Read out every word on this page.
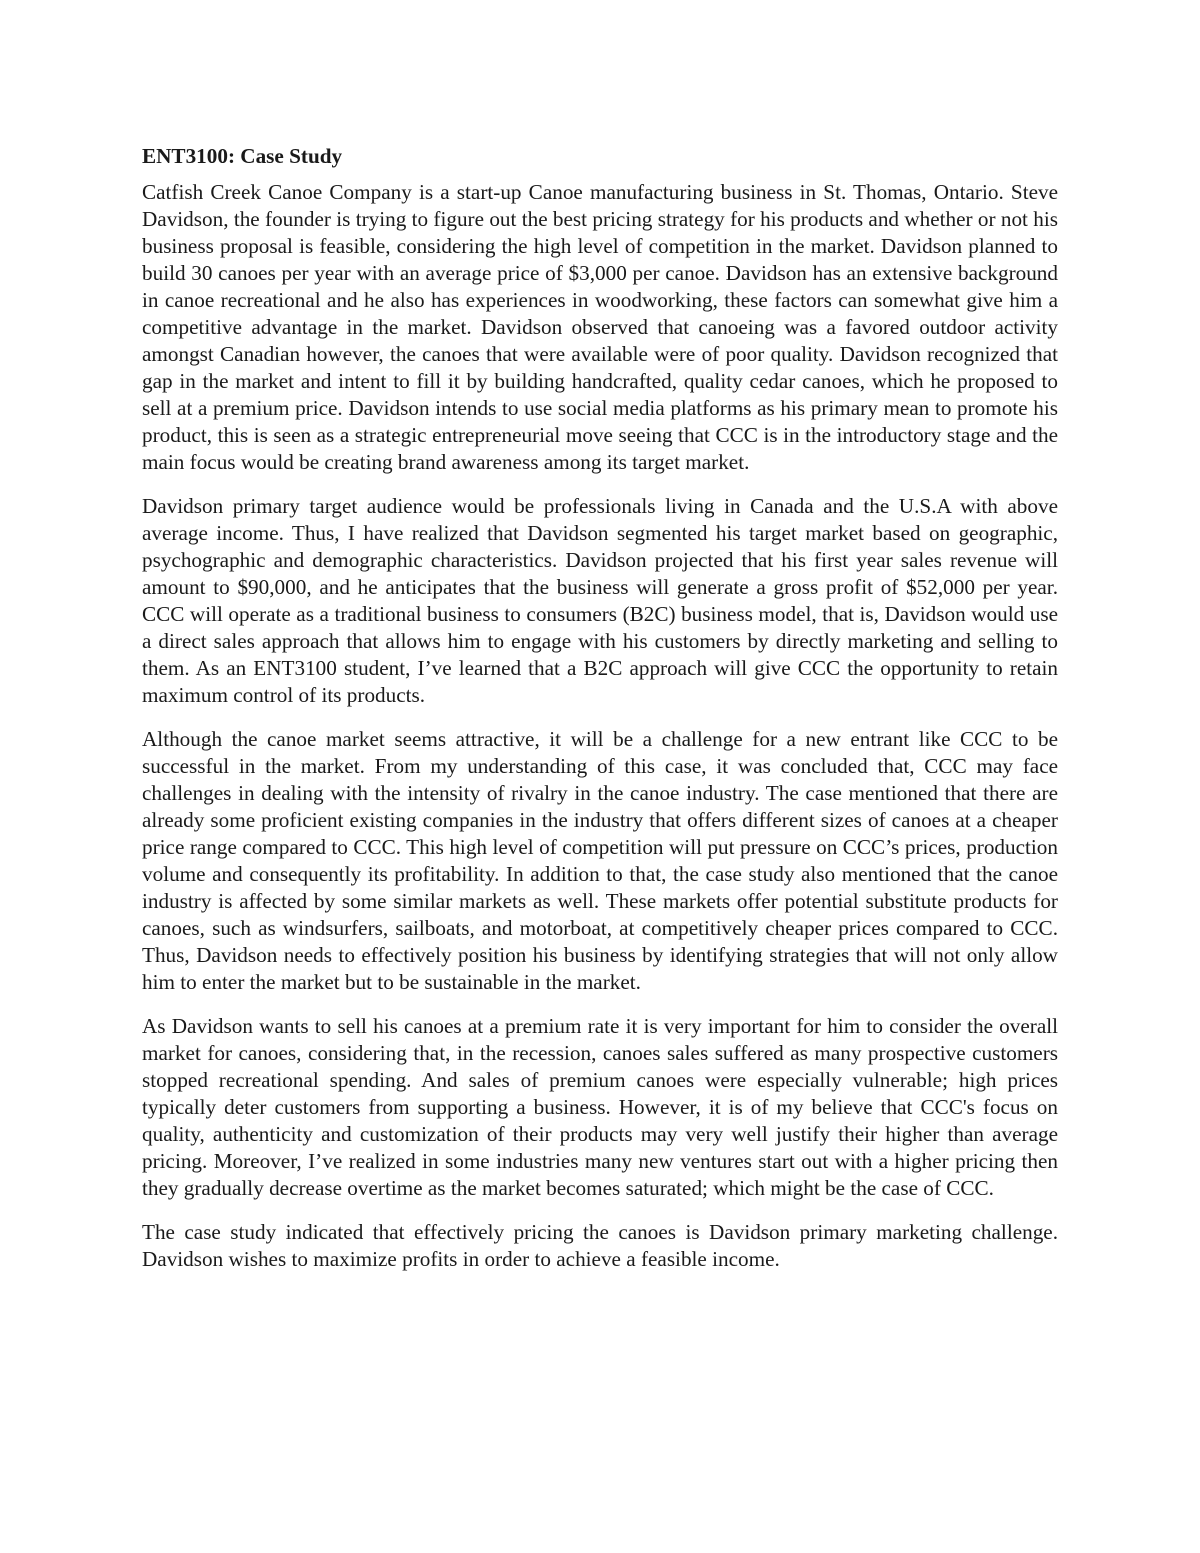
ENT3100: Case Study

Catfish Creek Canoe Company is a start-up Canoe manufacturing business in St. Thomas, Ontario. Steve Davidson, the founder is trying to figure out the best pricing strategy for his products and whether or not his business proposal is feasible, considering the high level of competition in the market. Davidson planned to build 30 canoes per year with an average price of $3,000 per canoe. Davidson has an extensive background in canoe recreational and he also has experiences in woodworking, these factors can somewhat give him a competitive advantage in the market. Davidson observed that canoeing was a favored outdoor activity amongst Canadian however, the canoes that were available were of poor quality. Davidson recognized that gap in the market and intent to fill it by building handcrafted, quality cedar canoes, which he proposed to sell at a premium price. Davidson intends to use social media platforms as his primary mean to promote his product, this is seen as a strategic entrepreneurial move seeing that CCC is in the introductory stage and the main focus would be creating brand awareness among its target market.

Davidson primary target audience would be professionals living in Canada and the U.S.A with above average income. Thus, I have realized that Davidson segmented his target market based on geographic, psychographic and demographic characteristics. Davidson projected that his first year sales revenue will amount to $90,000, and he anticipates that the business will generate a gross profit of $52,000 per year. CCC will operate as a traditional business to consumers (B2C) business model, that is, Davidson would use a direct sales approach that allows him to engage with his customers by directly marketing and selling to them. As an ENT3100 student, I’ve learned that a B2C approach will give CCC the opportunity to retain maximum control of its products.

Although the canoe market seems attractive, it will be a challenge for a new entrant like CCC to be successful in the market. From my understanding of this case, it was concluded that, CCC may face challenges in dealing with the intensity of rivalry in the canoe industry. The case mentioned that there are already some proficient existing companies in the industry that offers different sizes of canoes at a cheaper price range compared to CCC. This high level of competition will put pressure on CCC’s prices, production volume and consequently its profitability. In addition to that, the case study also mentioned that the canoe industry is affected by some similar markets as well. These markets offer potential substitute products for canoes, such as windsurfers, sailboats, and motorboat, at competitively cheaper prices compared to CCC. Thus, Davidson needs to effectively position his business by identifying strategies that will not only allow him to enter the market but to be sustainable in the market.

As Davidson wants to sell his canoes at a premium rate it is very important for him to consider the overall market for canoes, considering that, in the recession, canoes sales suffered as many prospective customers stopped recreational spending. And sales of premium canoes were especially vulnerable; high prices typically deter customers from supporting a business. However, it is of my believe that CCC's focus on quality, authenticity and customization of their products may very well justify their higher than average pricing. Moreover, I’ve realized in some industries many new ventures start out with a higher pricing then they gradually decrease overtime as the market becomes saturated; which might be the case of CCC.

The case study indicated that effectively pricing the canoes is Davidson primary marketing challenge. Davidson wishes to maximize profits in order to achieve a feasible income.
